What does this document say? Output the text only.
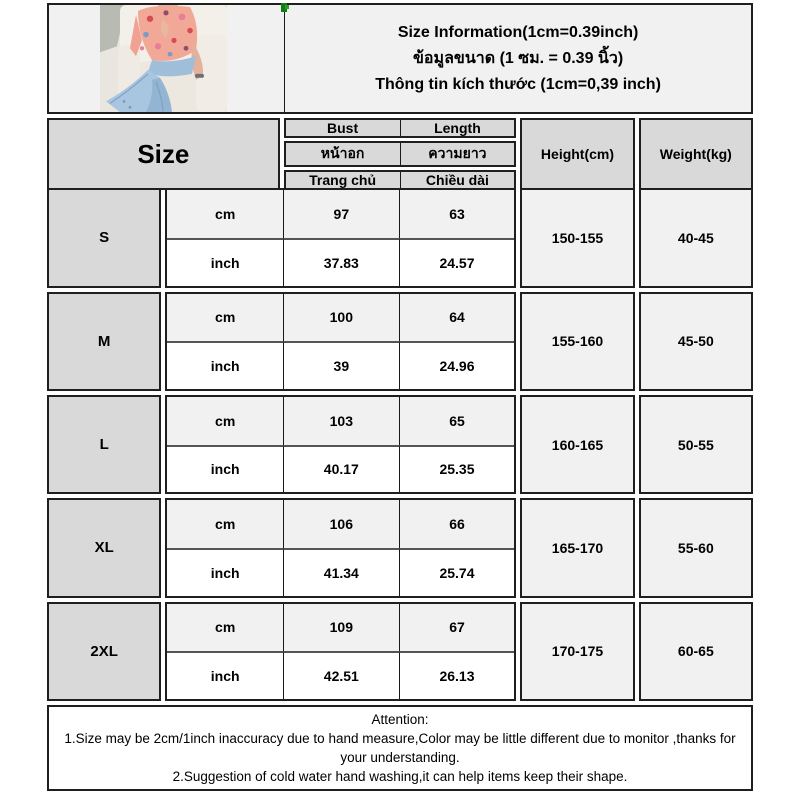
Size Information(1cm=0.39inch)
ข้อมูลขนาด (1 ซม. = 0.39 นิ้ว)
Thông tin kích thước (1cm=0,39 inch)
Size
Bust	Length
หน้าอก	ความยาว
Trang chủ	Chiều dài
Height(cm)	Weight(kg)
S
cm	97	63
inch	37.83	24.57
150-155	40-45
M
cm	100	64
inch	39	24.96
155-160	45-50
L
cm	103	65
inch	40.17	25.35
160-165	50-55
XL
cm	106	66
inch	41.34	25.74
165-170	55-60
2XL
cm	109	67
inch	42.51	26.13
170-175	60-65
Attention:
1.Size may be 2cm/1inch inaccuracy due to hand measure,Color may be little different due to monitor ,thanks for your understanding.
2.Suggestion of cold water hand washing,it can help items keep their shape.
